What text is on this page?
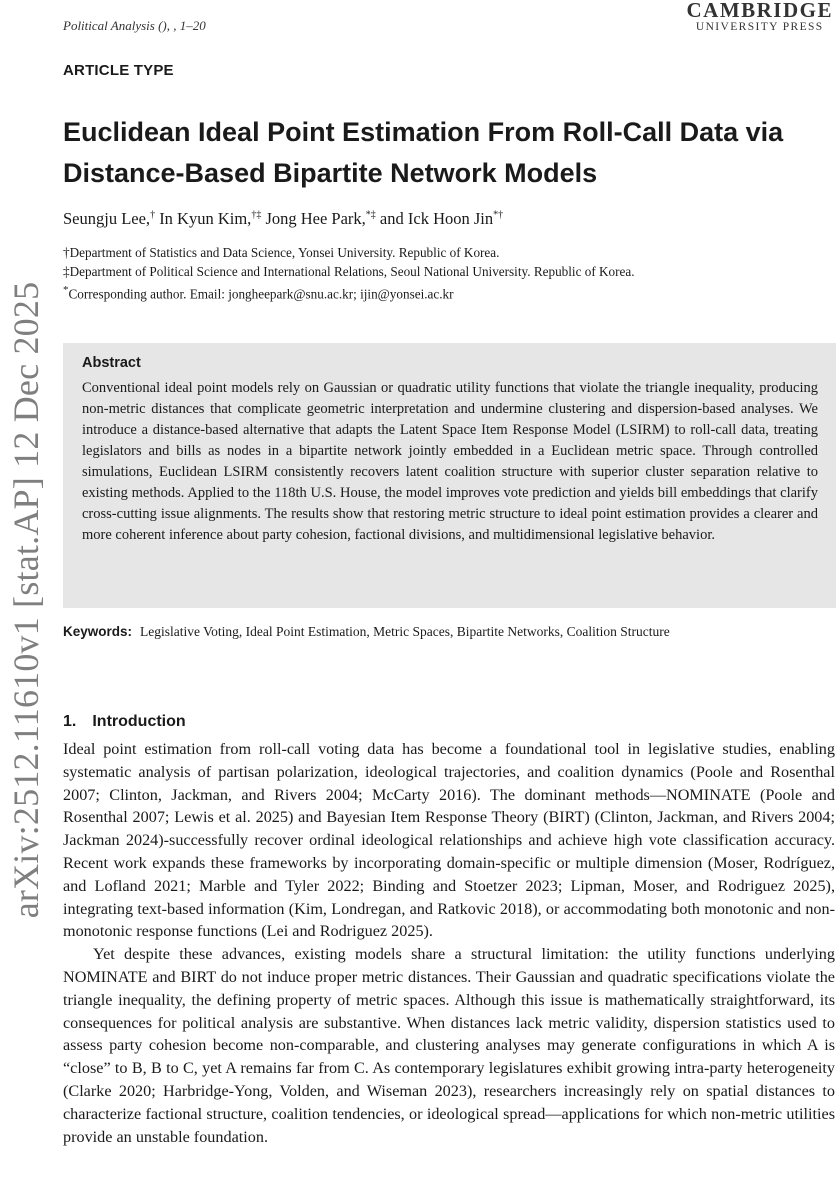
arXiv:2512.11610v1 [stat.AP] 12 Dec 2025
Political Analysis (), , 1–20
CAMBRIDGE
UNIVERSITY PRESS
ARTICLE TYPE
Euclidean Ideal Point Estimation From Roll-Call Data via Distance-Based Bipartite Network Models
Seungju Lee,† In Kyun Kim,†‡ Jong Hee Park,*‡ and Ick Hoon Jin*†
†Department of Statistics and Data Science, Yonsei University. Republic of Korea.
‡Department of Political Science and International Relations, Seoul National University. Republic of Korea.
*Corresponding author. Email: jongheepark@snu.ac.kr; ijin@yonsei.ac.kr
Abstract

Conventional ideal point models rely on Gaussian or quadratic utility functions that violate the triangle inequality, producing non-metric distances that complicate geometric interpretation and undermine clustering and dispersion-based analyses. We introduce a distance-based alternative that adapts the Latent Space Item Response Model (LSIRM) to roll-call data, treating legislators and bills as nodes in a bipartite network jointly embedded in a Euclidean metric space. Through controlled simulations, Euclidean LSIRM consistently recovers latent coalition structure with superior cluster separation relative to existing methods. Applied to the 118th U.S. House, the model improves vote prediction and yields bill embeddings that clarify cross-cutting issue alignments. The results show that restoring metric structure to ideal point estimation provides a clearer and more coherent inference about party cohesion, factional divisions, and multidimensional legislative behavior.

Keywords: Legislative Voting, Ideal Point Estimation, Metric Spaces, Bipartite Networks, Coalition Structure
1. Introduction

Ideal point estimation from roll-call voting data has become a foundational tool in legislative studies, enabling systematic analysis of partisan polarization, ideological trajectories, and coalition dynamics (Poole and Rosenthal 2007; Clinton, Jackman, and Rivers 2004; McCarty 2016). The dominant methods—NOMINATE (Poole and Rosenthal 2007; Lewis et al. 2025) and Bayesian Item Response Theory (BIRT) (Clinton, Jackman, and Rivers 2004; Jackman 2024)-successfully recover ordinal ideological relationships and achieve high vote classification accuracy. Recent work expands these frameworks by incorporating domain-specific or multiple dimension (Moser, Rodríguez, and Lofland 2021; Marble and Tyler 2022; Binding and Stoetzer 2023; Lipman, Moser, and Rodriguez 2025), integrating text-based information (Kim, Londregan, and Ratkovic 2018), or accommodating both monotonic and non-monotonic response functions (Lei and Rodriguez 2025).

Yet despite these advances, existing models share a structural limitation: the utility functions underlying NOMINATE and BIRT do not induce proper metric distances. Their Gaussian and quadratic specifications violate the triangle inequality, the defining property of metric spaces. Although this issue is mathematically straightforward, its consequences for political analysis are substantive. When distances lack metric validity, dispersion statistics used to assess party cohesion become non-comparable, and clustering analyses may generate configurations in which A is “close” to B, B to C, yet A remains far from C. As contemporary legislatures exhibit growing intra-party heterogeneity (Clarke 2020; Harbridge-Yong, Volden, and Wiseman 2023), researchers increasingly rely on spatial distances to characterize factional structure, coalition tendencies, or ideological spread—applications for which non-metric utilities provide an unstable foundation.
